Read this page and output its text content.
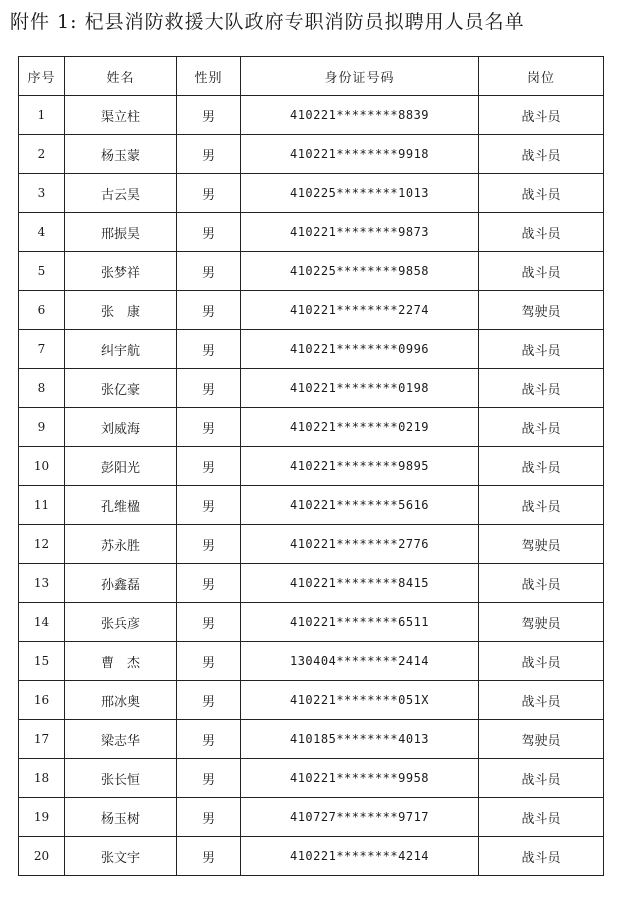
附件 1: 杞县消防救援大队政府专职消防员拟聘用人员名单
序号	姓名	性别	身份证号码	岗位
1	渠立柱	男	410221********8839	战斗员
2	杨玉蒙	男	410221********9918	战斗员
3	古云昊	男	410225********1013	战斗员
4	邢振昊	男	410221********9873	战斗员
5	张梦祥	男	410225********9858	战斗员
6	张　康	男	410221********2274	驾驶员
7	纠宇航	男	410221********0996	战斗员
8	张亿豪	男	410221********0198	战斗员
9	刘威海	男	410221********0219	战斗员
10	彭阳光	男	410221********9895	战斗员
11	孔维楹	男	410221********5616	战斗员
12	苏永胜	男	410221********2776	驾驶员
13	孙鑫磊	男	410221********8415	战斗员
14	张兵彦	男	410221********6511	驾驶员
15	曹　杰	男	130404********2414	战斗员
16	邢冰奥	男	410221********051X	战斗员
17	梁志华	男	410185********4013	驾驶员
18	张长恒	男	410221********9958	战斗员
19	杨玉树	男	410727********9717	战斗员
20	张文宇	男	410221********4214	战斗员
